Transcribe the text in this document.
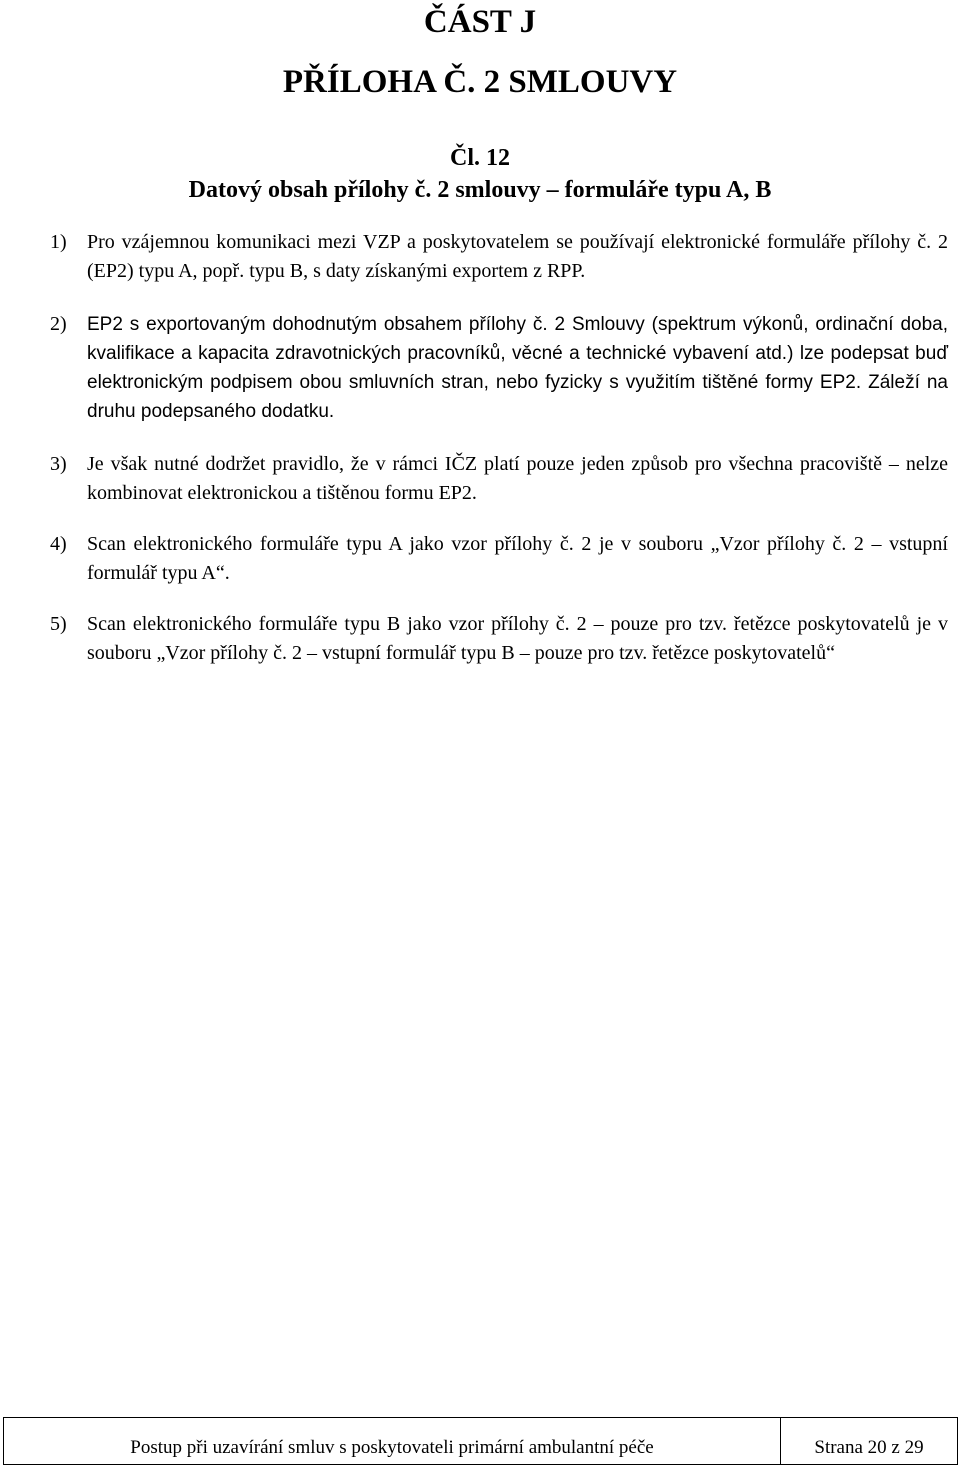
ČÁST J
PŘÍLOHA Č. 2 SMLOUVY
Čl. 12
Datový obsah přílohy č. 2 smlouvy – formuláře typu A, B
1) Pro vzájemnou komunikaci mezi VZP a poskytovatelem se používají elektronické formuláře přílohy č. 2 (EP2) typu A, popř. typu B, s daty získanými exportem z RPP.
2) EP2 s exportovaným dohodnutým obsahem přílohy č. 2 Smlouvy (spektrum výkonů, ordinační doba, kvalifikace a kapacita zdravotnických pracovníků, věcné a technické vybavení atd.) lze podepsat buď elektronickým podpisem obou smluvních stran, nebo fyzicky s využitím tištěné formy EP2. Záleží na druhu podepsaného dodatku.
3) Je však nutné dodržet pravidlo, že v rámci IČZ platí pouze jeden způsob pro všechna pracoviště – nelze kombinovat elektronickou a tištěnou formu EP2.
4) Scan elektronického formuláře typu A jako vzor přílohy č. 2 je v souboru „Vzor přílohy č. 2 – vstupní formulář typu A“.
5) Scan elektronického formuláře typu B jako vzor přílohy č. 2 – pouze pro tzv. řetězce poskytovatelů je v souboru „Vzor přílohy č. 2 – vstupní formulář typu B – pouze pro tzv. řetězce poskytovatelů“
Postup při uzavírání smluv s poskytovateli primární ambulantní péče	Strana 20 z 29
